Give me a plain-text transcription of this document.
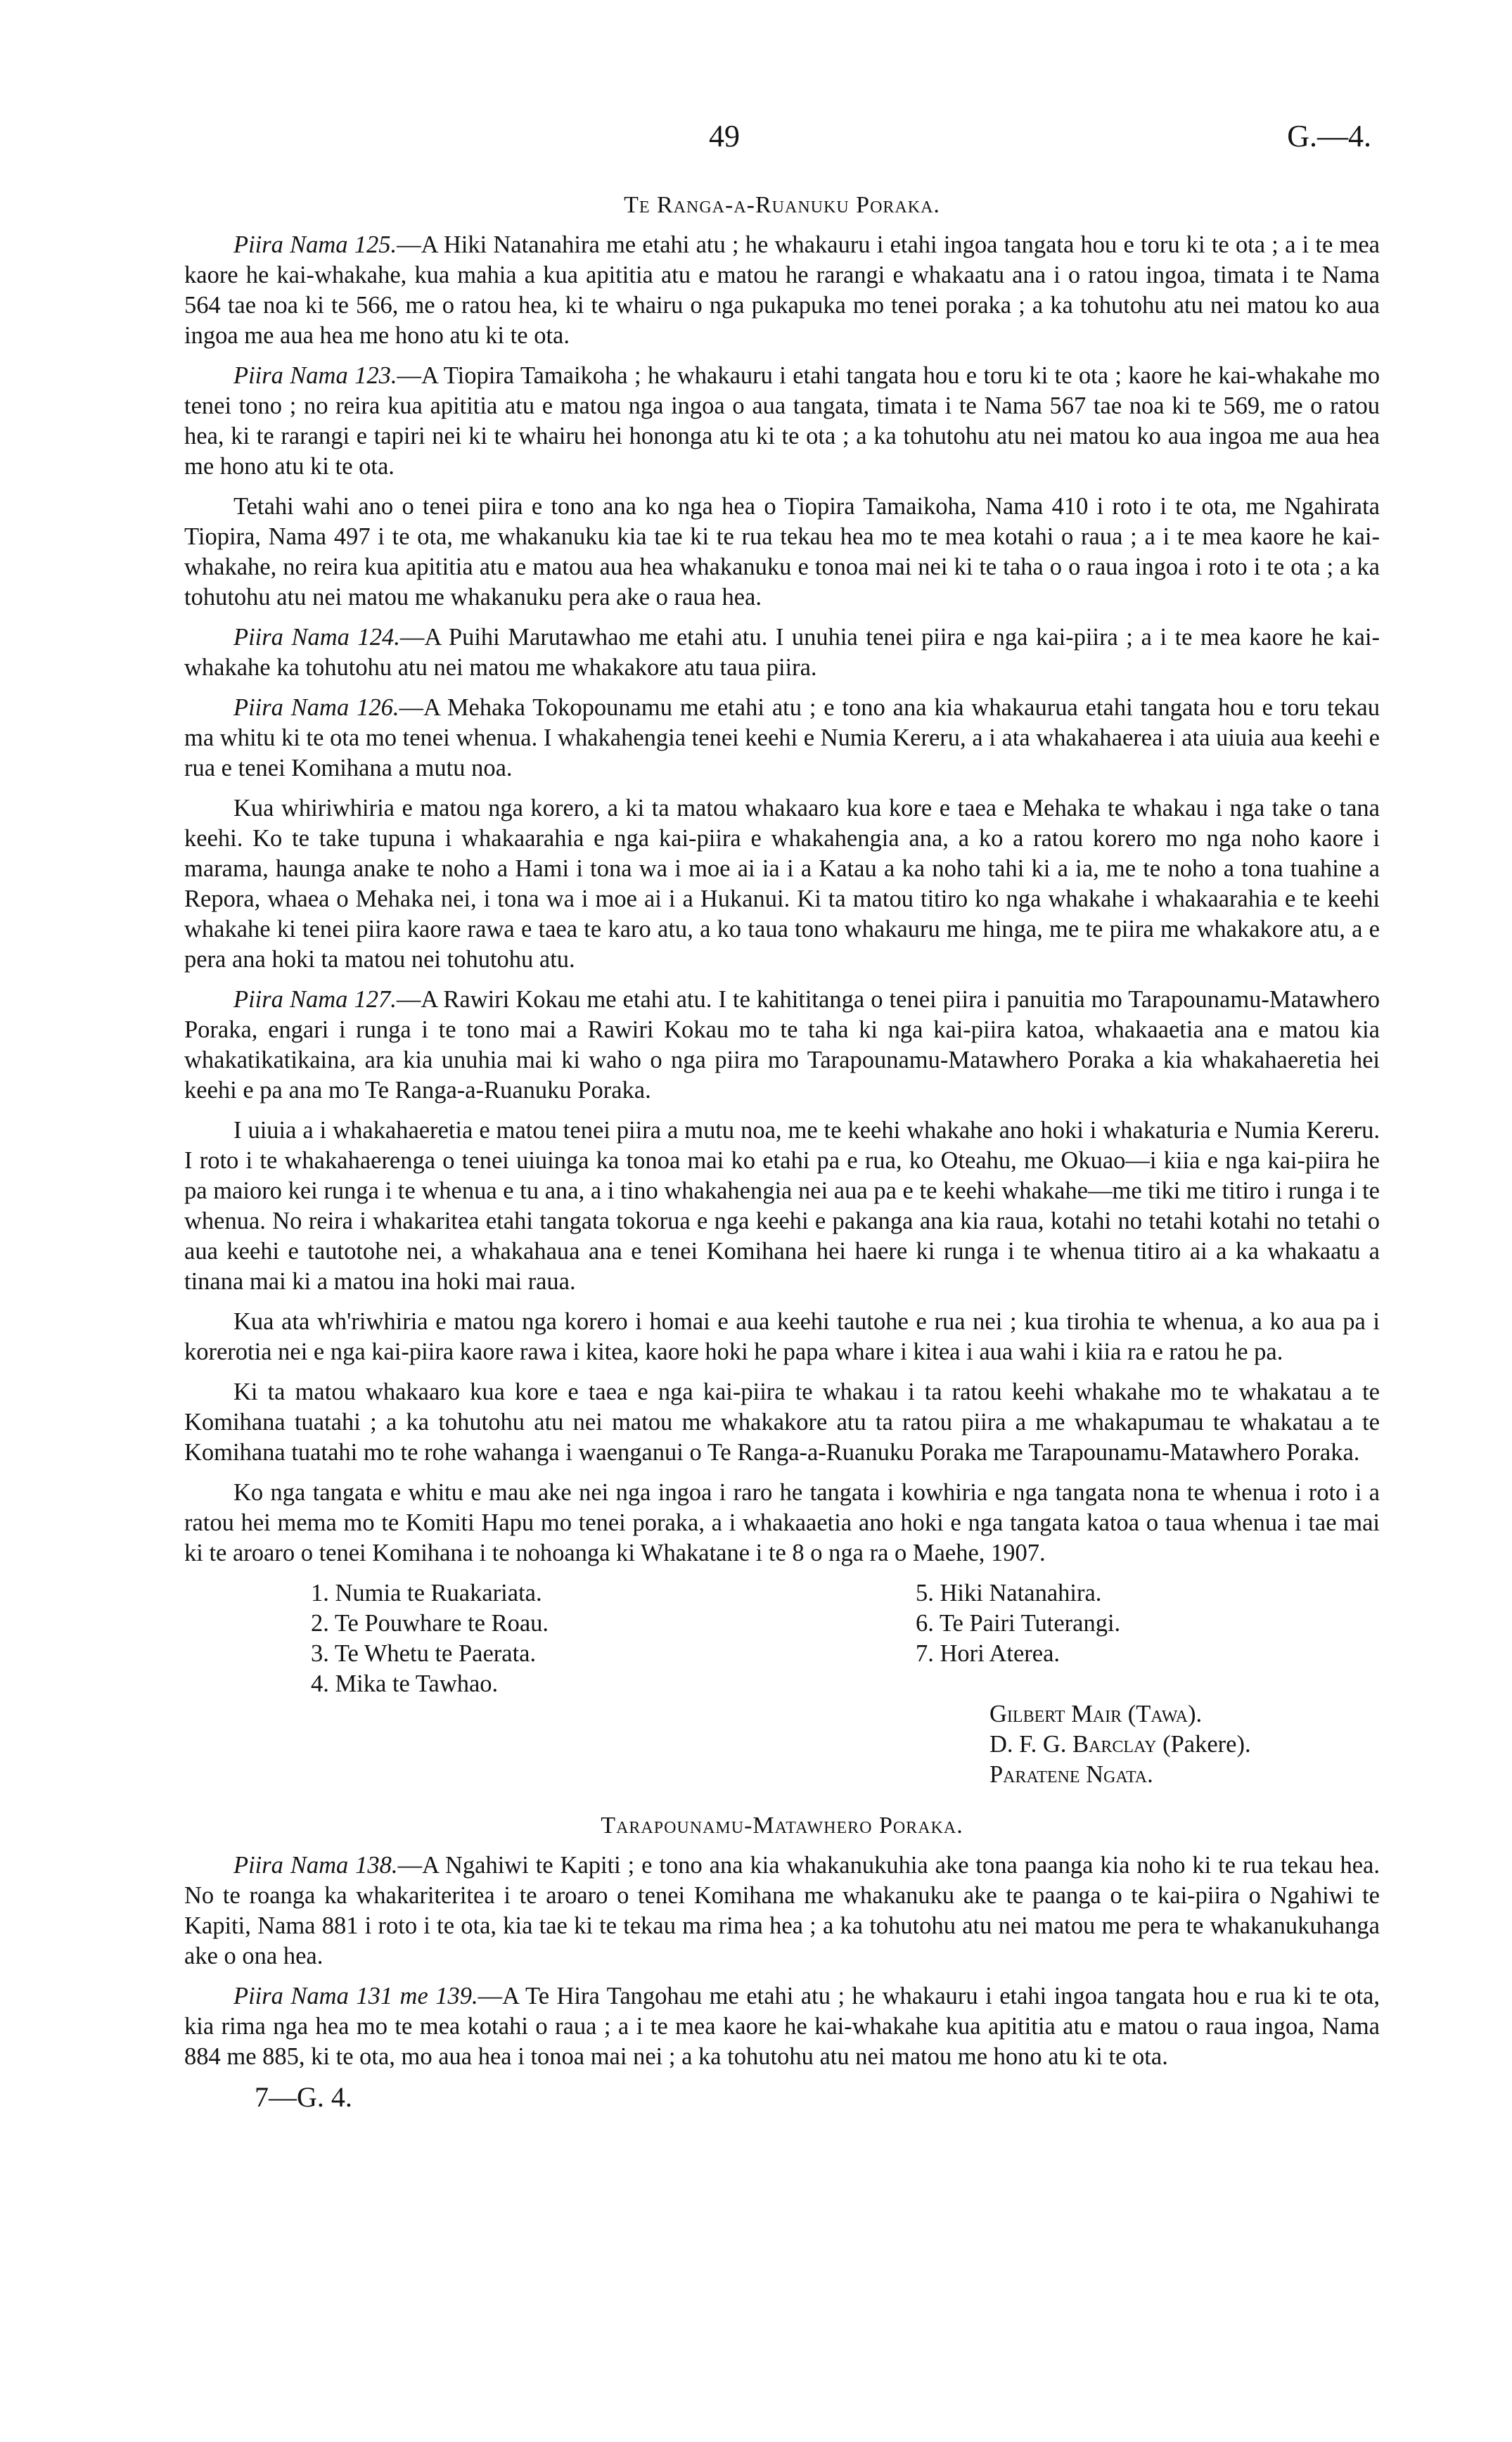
49	G.—4.
Te Ranga-a-Ruanuku Poraka.

Piira Nama 125.—A Hiki Natanahira me etahi atu ; he whakauru i etahi ingoa tangata hou e toru ki te ota ; a i te mea kaore he kai-whakahe, kua mahia a kua apititia atu e matou he rarangi e whakaatu ana i o ratou ingoa, timata i te Nama 564 tae noa ki te 566, me o ratou hea, ki te whairu o nga pukapuka mo tenei poraka ; a ka tohutohu atu nei matou ko aua ingoa me aua hea me hono atu ki te ota.

Piira Nama 123.—A Tiopira Tamaikoha ; he whakauru i etahi tangata hou e toru ki te ota ; kaore he kai-whakahe mo tenei tono ; no reira kua apititia atu e matou nga ingoa o aua tangata, timata i te Nama 567 tae noa ki te 569, me o ratou hea, ki te rarangi e tapiri nei ki te whairu hei hononga atu ki te ota ; a ka tohutohu atu nei matou ko aua ingoa me aua hea me hono atu ki te ota.

Tetahi wahi ano o tenei piira e tono ana ko nga hea o Tiopira Tamaikoha, Nama 410 i roto i te ota, me Ngahirata Tiopira, Nama 497 i te ota, me whakanuku kia tae ki te rua tekau hea mo te mea kotahi o raua ; a i te mea kaore he kai-whakahe, no reira kua apititia atu e matou aua hea whakanuku e tonoa mai nei ki te taha o o raua ingoa i roto i te ota ; a ka tohutohu atu nei matou me whakanuku pera ake o raua hea.

Piira Nama 124.—A Puihi Marutawhao me etahi atu. I unuhia tenei piira e nga kai-piira ; a i te mea kaore he kai-whakahe ka tohutohu atu nei matou me whakakore atu taua piira.

Piira Nama 126.—A Mehaka Tokopounamu me etahi atu ; e tono ana kia whakaurua etahi tangata hou e toru tekau ma whitu ki te ota mo tenei whenua. I whakahengia tenei keehi e Numia Kereru, a i ata whakahaerea i ata uiuia aua keehi e rua e tenei Komihana a mutu noa.

Kua whiriwhiria e matou nga korero, a ki ta matou whakaaro kua kore e taea e Mehaka te whakau i nga take o tana keehi. Ko te take tupuna i whakaarahia e nga kai-piira e whakahengia ana, a ko a ratou korero mo nga noho kaore i marama, haunga anake te noho a Hami i tona wa i moe ai ia i a Katau a ka noho tahi ki a ia, me te noho a tona tuahine a Repora, whaea o Mehaka nei, i tona wa i moe ai i a Hukanui. Ki ta matou titiro ko nga whakahe i whakaarahia e te keehi whakahe ki tenei piira kaore rawa e taea te karo atu, a ko taua tono whakauru me hinga, me te piira me whakakore atu, a e pera ana hoki ta matou nei tohutohu atu.

Piira Nama 127.—A Rawiri Kokau me etahi atu. I te kahititanga o tenei piira i panuitia mo Tarapounamu-Matawhero Poraka, engari i runga i te tono mai a Rawiri Kokau mo te taha ki nga kai-piira katoa, whakaaetia ana e matou kia whakatikatikaina, ara kia unuhia mai ki waho o nga piira mo Tarapounamu-Matawhero Poraka a kia whakahaeretia hei keehi e pa ana mo Te Ranga-a-Ruanuku Poraka.

I uiuia a i whakahaeretia e matou tenei piira a mutu noa, me te keehi whakahe ano hoki i whakaturia e Numia Kereru. I roto i te whakahaerenga o tenei uiuinga ka tonoa mai ko etahi pa e rua, ko Oteahu, me Okuao—i kiia e nga kai-piira he pa maioro kei runga i te whenua e tu ana, a i tino whakahengia nei aua pa e te keehi whakahe—me tiki me titiro i runga i te whenua. No reira i whakaritea etahi tangata tokorua e nga keehi e pakanga ana kia raua, kotahi no tetahi kotahi no tetahi o aua keehi e tautotohe nei, a whakahaua ana e tenei Komihana hei haere ki runga i te whenua titiro ai a ka whakaatu a tinana mai ki a matou ina hoki mai raua.

Kua ata wh'riwhiria e matou nga korero i homai e aua keehi tautohe e rua nei ; kua tirohia te whenua, a ko aua pa i korerotia nei e nga kai-piira kaore rawa i kitea, kaore hoki he papa whare i kitea i aua wahi i kiia ra e ratou he pa.

Ki ta matou whakaaro kua kore e taea e nga kai-piira te whakau i ta ratou keehi whakahe mo te whakatau a te Komihana tuatahi ; a ka tohutohu atu nei matou me whakakore atu ta ratou piira a me whakapumau te whakatau a te Komihana tuatahi mo te rohe wahanga i waenganui o Te Ranga-a-Ruanuku Poraka me Tarapounamu-Matawhero Poraka.

Ko nga tangata e whitu e mau ake nei nga ingoa i raro he tangata i kowhiria e nga tangata nona te whenua i roto i a ratou hei mema mo te Komiti Hapu mo tenei poraka, a i whakaaetia ano hoki e nga tangata katoa o taua whenua i tae mai ki te aroaro o tenei Komihana i te nohoanga ki Whakatane i te 8 o nga ra o Maehe, 1907.

1. Numia te Ruakariata.
2. Te Pouwhare te Roau.
3. Te Whetu te Paerata.
4. Mika te Tawhao.
5. Hiki Natanahira.
6. Te Pairi Tuterangi.
7. Hori Aterea.
Gilbert Mair (Tawa).
D. F. G. Barclay (Pakere).
Paratene Ngata.
Tarapounamu-Matawhero Poraka.

Piira Nama 138.—A Ngahiwi te Kapiti ; e tono ana kia whakanukuhia ake tona paanga kia noho ki te rua tekau hea. No te roanga ka whakariteritea i te aroaro o tenei Komihana me whakanuku ake te paanga o te kai-piira o Ngahiwi te Kapiti, Nama 881 i roto i te ota, kia tae ki te tekau ma rima hea ; a ka tohutohu atu nei matou me pera te whakanukuhanga ake o ona hea.

Piira Nama 131 me 139.—A Te Hira Tangohau me etahi atu ; he whakauru i etahi ingoa tangata hou e rua ki te ota, kia rima nga hea mo te mea kotahi o raua ; a i te mea kaore he kai-whakahe kua apititia atu e matou o raua ingoa, Nama 884 me 885, ki te ota, mo aua hea i tonoa mai nei ; a ka tohutohu atu nei matou me hono atu ki te ota.

7—G. 4.
